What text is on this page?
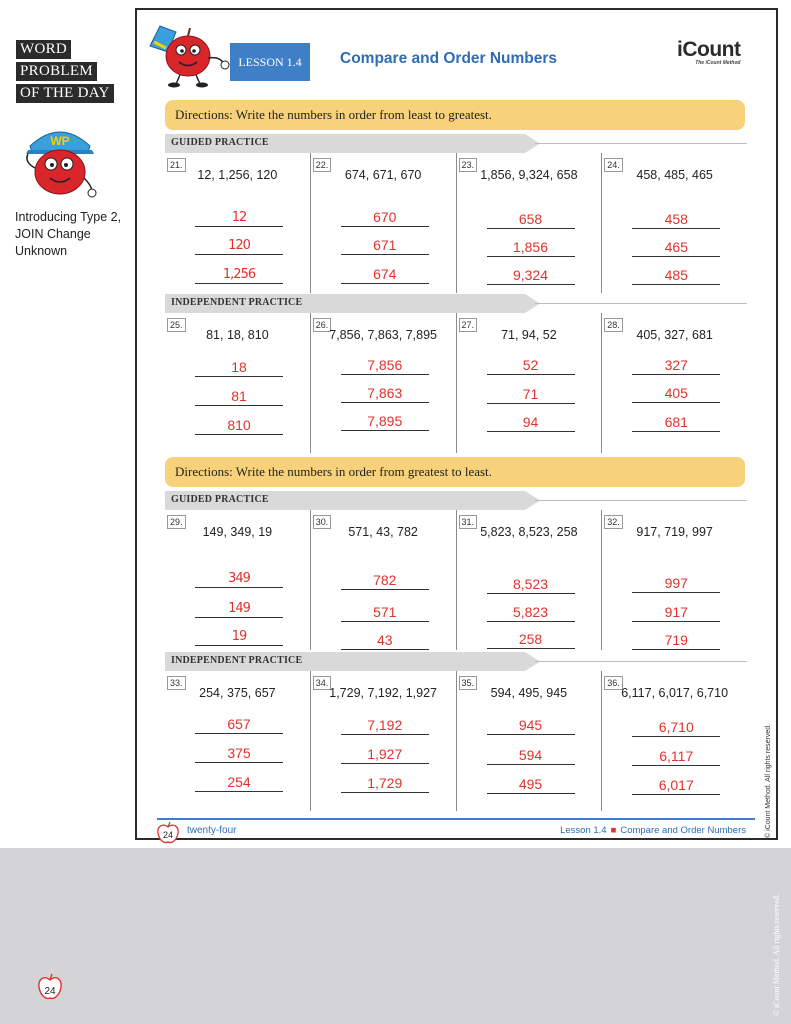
WORD
PROBLEM
OF THE DAY
WP
Introducing Type 2, JOIN Change Unknown
LESSON 1.4	Compare and Order Numbers	iCount
The iCount Method
Directions: Write the numbers in order from least to greatest.
GUIDED PRACTICE
21.
12, 1,256, 120
12
120
1,256
22.
674, 671, 670
670
671
674
23.
1,856, 9,324, 658
658
1,856
9,324
24.
458, 485, 465
458
465
485
INDEPENDENT PRACTICE
25.
81, 18, 810
18
81
810
26.
7,856, 7,863, 7,895
7,856
7,863
7,895
27.
71, 94, 52
52
71
94
28.
405, 327, 681
327
405
681
Directions: Write the numbers in order from greatest to least.
GUIDED PRACTICE
29.
149, 349, 19
349
149
19
30.
571, 43, 782
782
571
43
31.
5,823, 8,523, 258
8,523
5,823
258
32.
917, 719, 997
997
917
719
INDEPENDENT PRACTICE
33.
254, 375, 657
657
375
254
34.
1,729, 7,192, 1,927
7,192
1,927
1,729
35.
594, 495, 945
945
594
495
36.
6,117, 6,017, 6,710
6,710
6,117
6,017
24	twenty-four	Lesson 1.4 ■ Compare and Order Numbers	© iCount Method. All rights reserved.
24	© iCount Method. All rights reserved.
